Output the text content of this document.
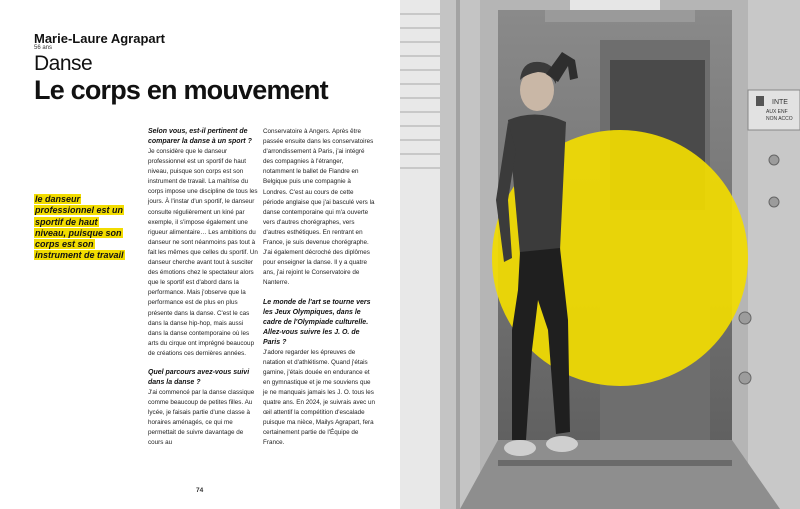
Marie-Laure Agrapart

56 ans

Danse

Le corps en mouvement

le danseur professionnel est un sportif de haut niveau, puisque son corps est son instrument de travail

Selon vous, est-il pertinent de comparer la danse à un sport ?

Je considère que le danseur professionnel est un sportif de haut niveau, puisque son corps est son instrument de travail. La maîtrise du corps impose une discipline de tous les jours. À l'instar d'un sportif, le danseur consulte régulièrement un kiné par exemple, il s'impose également une rigueur alimentaire… Les ambitions du danseur ne sont néanmoins pas tout à fait les mêmes que celles du sportif. Un danseur cherche avant tout à susciter des émotions chez le spectateur alors que le sportif est d'abord dans la performance. Mais j'observe que la performance est de plus en plus présente dans la danse. C'est le cas dans la danse hip-hop, mais aussi dans la danse contemporaine où les arts du cirque ont imprégné beaucoup de créations ces dernières années.

Quel parcours avez-vous suivi dans la danse ?

J'ai commencé par la danse classique comme beaucoup de petites filles. Au lycée, je faisais partie d'une classe à horaires aménagés, ce qui me permettait de suivre davantage de cours au

Conservatoire à Angers. Après être passée ensuite dans les conservatoires d'arrondissement à Paris, j'ai intégré des compagnies à l'étranger, notamment le ballet de Flandre en Belgique puis une compagnie à Londres. C'est au cours de cette période anglaise que j'ai basculé vers la danse contemporaine qui m'a ouverte vers d'autres chorégraphes, vers d'autres esthétiques. En rentrant en France, je suis devenue chorégraphe. J'ai également décroché des diplômes pour enseigner la danse. Il y a quatre ans, j'ai rejoint le Conservatoire de Nanterre.

Le monde de l'art se tourne vers les Jeux Olympiques, dans le cadre de l'Olympiade culturelle. Allez-vous suivre les J. O. de Paris ?

J'adore regarder les épreuves de natation et d'athlétisme. Quand j'étais gamine, j'étais douée en endurance et en gymnastique et je me souviens que je ne manquais jamais les J. O. tous les quatre ans. En 2024, je suivrais avec un œil attentif la compétition d'escalade puisque ma nièce, Mailys Agrapart, fera certainement partie de l'Équipe de France.

74
INTE
AUX ENF
NON ACCO
